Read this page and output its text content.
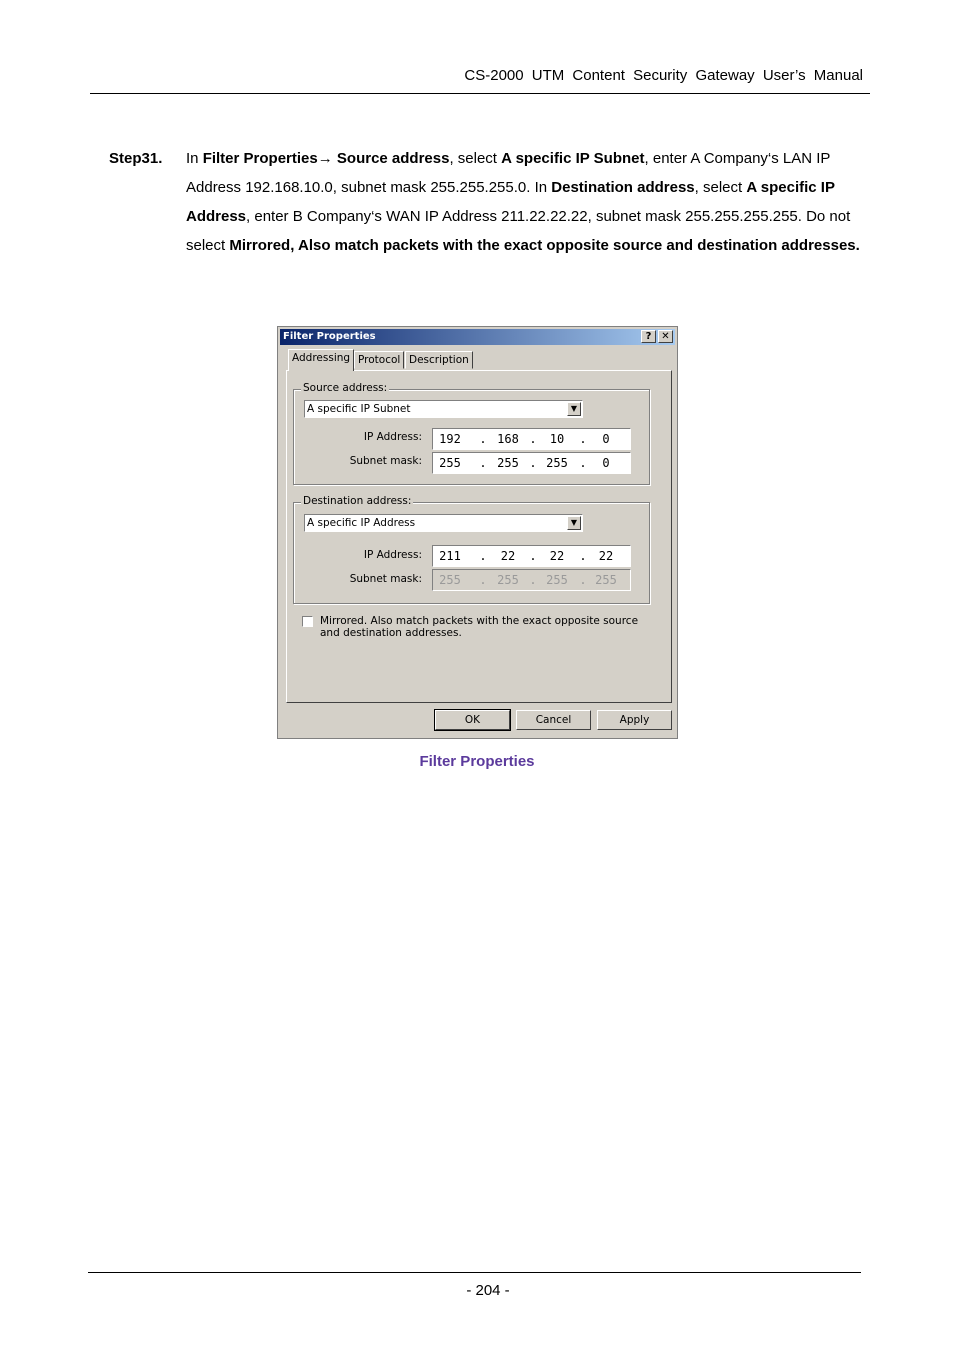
CS-2000 UTM Content Security Gateway User’s Manual
Step31. In Filter Properties→ Source address, select A specific IP Subnet, enter A Company‘s LAN IP Address 192.168.10.0, subnet mask 255.255.255.0. In Destination address, select A specific IP Address, enter B Company‘s WAN IP Address 211.22.22.22, subnet mask 255.255.255.255. Do not select Mirrored, Also match packets with the exact opposite source and destination addresses.
Filter Properties	? ✕
Addressing Protocol Description
Source address:
A specific IP Subnet	▼
IP Address:	192	. 168 .	10	.	0
Subnet mask:	255	. 255 . 255 .	0
Destination address:
A specific IP Address	▼
IP Address:	211	.	22	.	22	.	22
Subnet mask:	255	. 255 . 255 . 255
Mirrored. Also match packets with the exact opposite source and destination addresses.
OK	Cancel	Apply
Filter Properties
- 204 -
